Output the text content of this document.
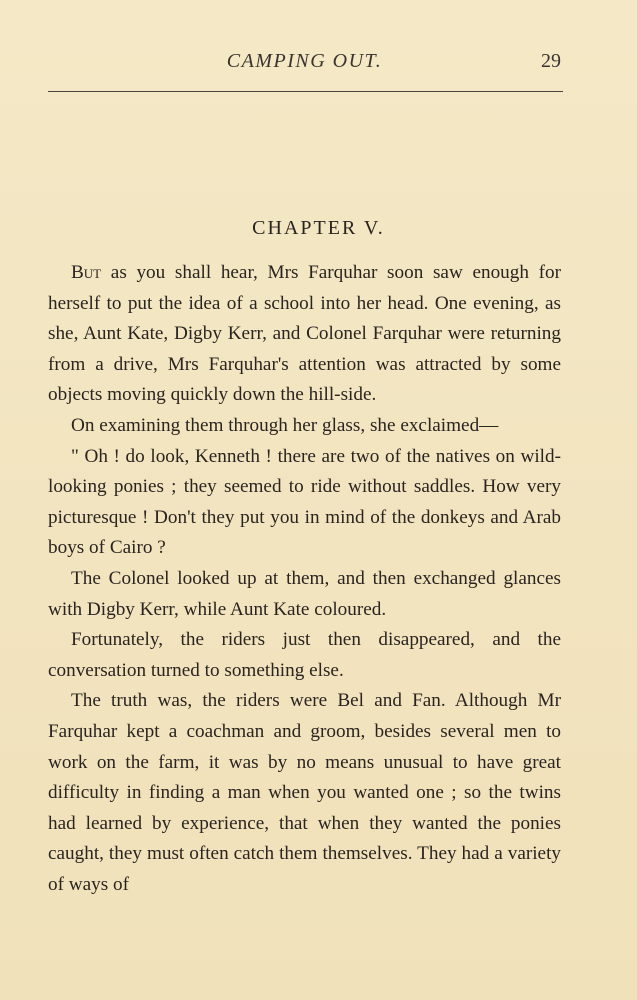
CAMPING OUT.	29
CHAPTER V.

But as you shall hear, Mrs Farquhar soon saw enough for herself to put the idea of a school into her head. One evening, as she, Aunt Kate, Digby Kerr, and Colonel Farquhar were returning from a drive, Mrs Farquhar's attention was attracted by some objects moving quickly down the hill-side.

On examining them through her glass, she exclaimed—

" Oh ! do look, Kenneth ! there are two of the natives on wild-looking ponies ; they seemed to ride without saddles. How very picturesque ! Don't they put you in mind of the donkeys and Arab boys of Cairo ?

The Colonel looked up at them, and then exchanged glances with Digby Kerr, while Aunt Kate coloured.

Fortunately, the riders just then disappeared, and the conversation turned to something else.

The truth was, the riders were Bel and Fan. Although Mr Farquhar kept a coachman and groom, besides several men to work on the farm, it was by no means unusual to have great difficulty in finding a man when you wanted one ; so the twins had learned by experience, that when they wanted the ponies caught, they must often catch them themselves. They had a variety of ways of
